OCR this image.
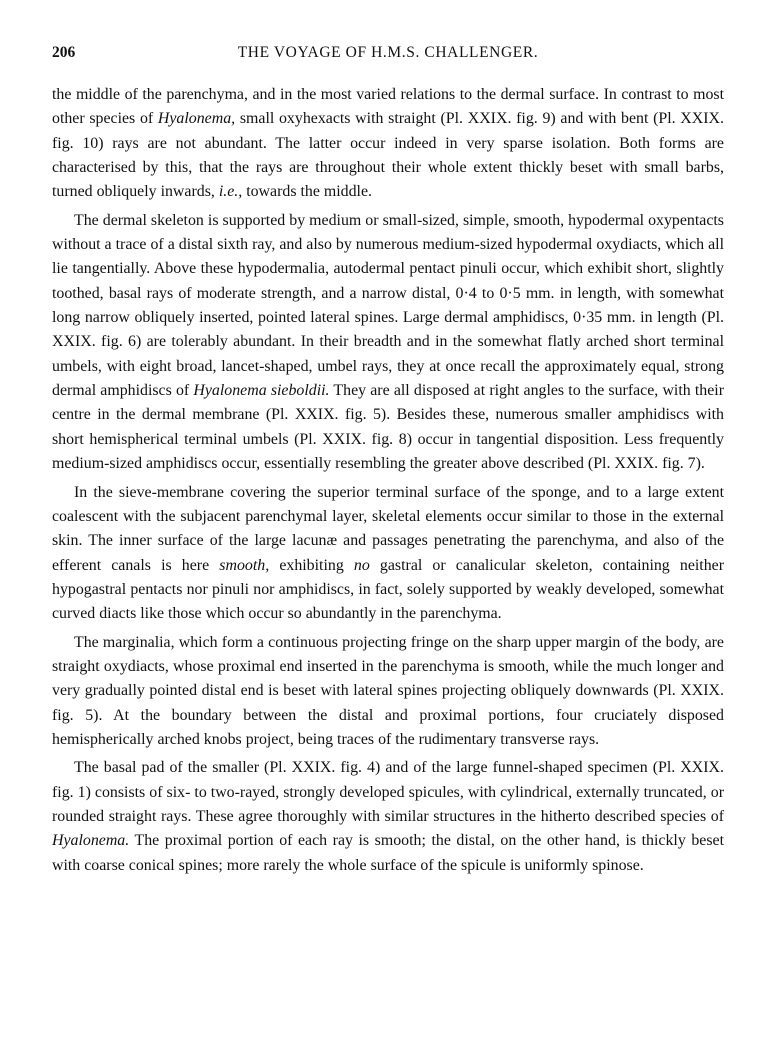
206	THE VOYAGE OF H.M.S. CHALLENGER.

the middle of the parenchyma, and in the most varied relations to the dermal surface. In contrast to most other species of Hyalonema, small oxyhexacts with straight (Pl. XXIX. fig. 9) and with bent (Pl. XXIX. fig. 10) rays are not abundant. The latter occur indeed in very sparse isolation. Both forms are characterised by this, that the rays are throughout their whole extent thickly beset with small barbs, turned obliquely inwards, i.e., towards the middle.

The dermal skeleton is supported by medium or small-sized, simple, smooth, hypodermal oxypentacts without a trace of a distal sixth ray, and also by numerous medium-sized hypodermal oxydiacts, which all lie tangentially. Above these hypodermalia, autodermal pentact pinuli occur, which exhibit short, slightly toothed, basal rays of moderate strength, and a narrow distal, 0·4 to 0·5 mm. in length, with somewhat long narrow obliquely inserted, pointed lateral spines. Large dermal amphidiscs, 0·35 mm. in length (Pl. XXIX. fig. 6) are tolerably abundant. In their breadth and in the somewhat flatly arched short terminal umbels, with eight broad, lancet-shaped, umbel rays, they at once recall the approximately equal, strong dermal amphidiscs of Hyalonema sieboldii. They are all disposed at right angles to the surface, with their centre in the dermal membrane (Pl. XXIX. fig. 5). Besides these, numerous smaller amphidiscs with short hemispherical terminal umbels (Pl. XXIX. fig. 8) occur in tangential disposition. Less frequently medium-sized amphidiscs occur, essentially resembling the greater above described (Pl. XXIX. fig. 7).

In the sieve-membrane covering the superior terminal surface of the sponge, and to a large extent coalescent with the subjacent parenchymal layer, skeletal elements occur similar to those in the external skin. The inner surface of the large lacunæ and passages penetrating the parenchyma, and also of the efferent canals is here smooth, exhibiting no gastral or canalicular skeleton, containing neither hypogastral pentacts nor pinuli nor amphidiscs, in fact, solely supported by weakly developed, somewhat curved diacts like those which occur so abundantly in the parenchyma.

The marginalia, which form a continuous projecting fringe on the sharp upper margin of the body, are straight oxydiacts, whose proximal end inserted in the parenchyma is smooth, while the much longer and very gradually pointed distal end is beset with lateral spines projecting obliquely downwards (Pl. XXIX. fig. 5). At the boundary between the distal and proximal portions, four cruciately disposed hemispherically arched knobs project, being traces of the rudimentary transverse rays.

The basal pad of the smaller (Pl. XXIX. fig. 4) and of the large funnel-shaped specimen (Pl. XXIX. fig. 1) consists of six- to two-rayed, strongly developed spicules, with cylindrical, externally truncated, or rounded straight rays. These agree thoroughly with similar structures in the hitherto described species of Hyalonema. The proximal portion of each ray is smooth; the distal, on the other hand, is thickly beset with coarse conical spines; more rarely the whole surface of the spicule is uniformly spinose.
